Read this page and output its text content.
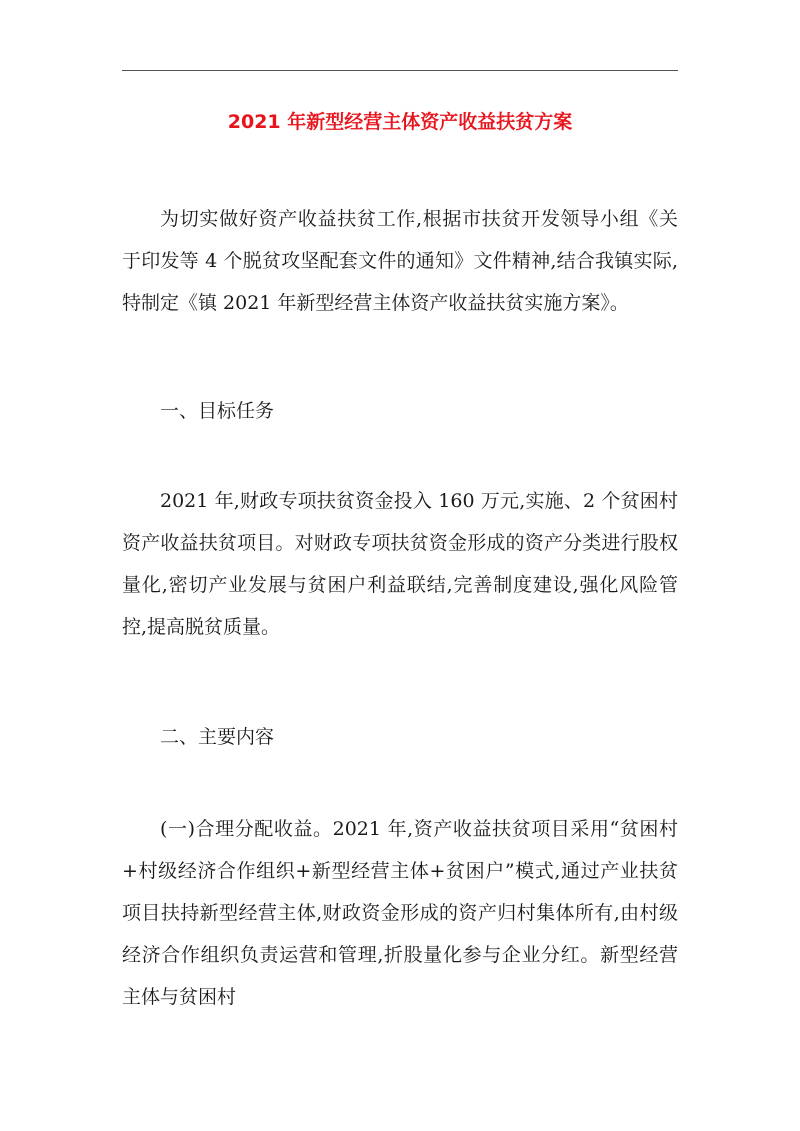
2021 年新型经营主体资产收益扶贫方案

为切实做好资产收益扶贫工作,根据市扶贫开发领导小组《关于印发等 4 个脱贫攻坚配套文件的通知》文件精神,结合我镇实际,特制定《镇 2021 年新型经营主体资产收益扶贫实施方案》。

一、目标任务

2021 年,财政专项扶贫资金投入 160 万元,实施、2 个贫困村资产收益扶贫项目。对财政专项扶贫资金形成的资产分类进行股权量化,密切产业发展与贫困户利益联结,完善制度建设,强化风险管控,提高脱贫质量。

二、主要内容

(一)合理分配收益。2021 年,资产收益扶贫项目采用“贫困村+村级经济合作组织+新型经营主体+贫困户”模式,通过产业扶贫项目扶持新型经营主体,财政资金形成的资产归村集体所有,由村级经济合作组织负责运营和管理,折股量化参与企业分红。新型经营主体与贫困村
